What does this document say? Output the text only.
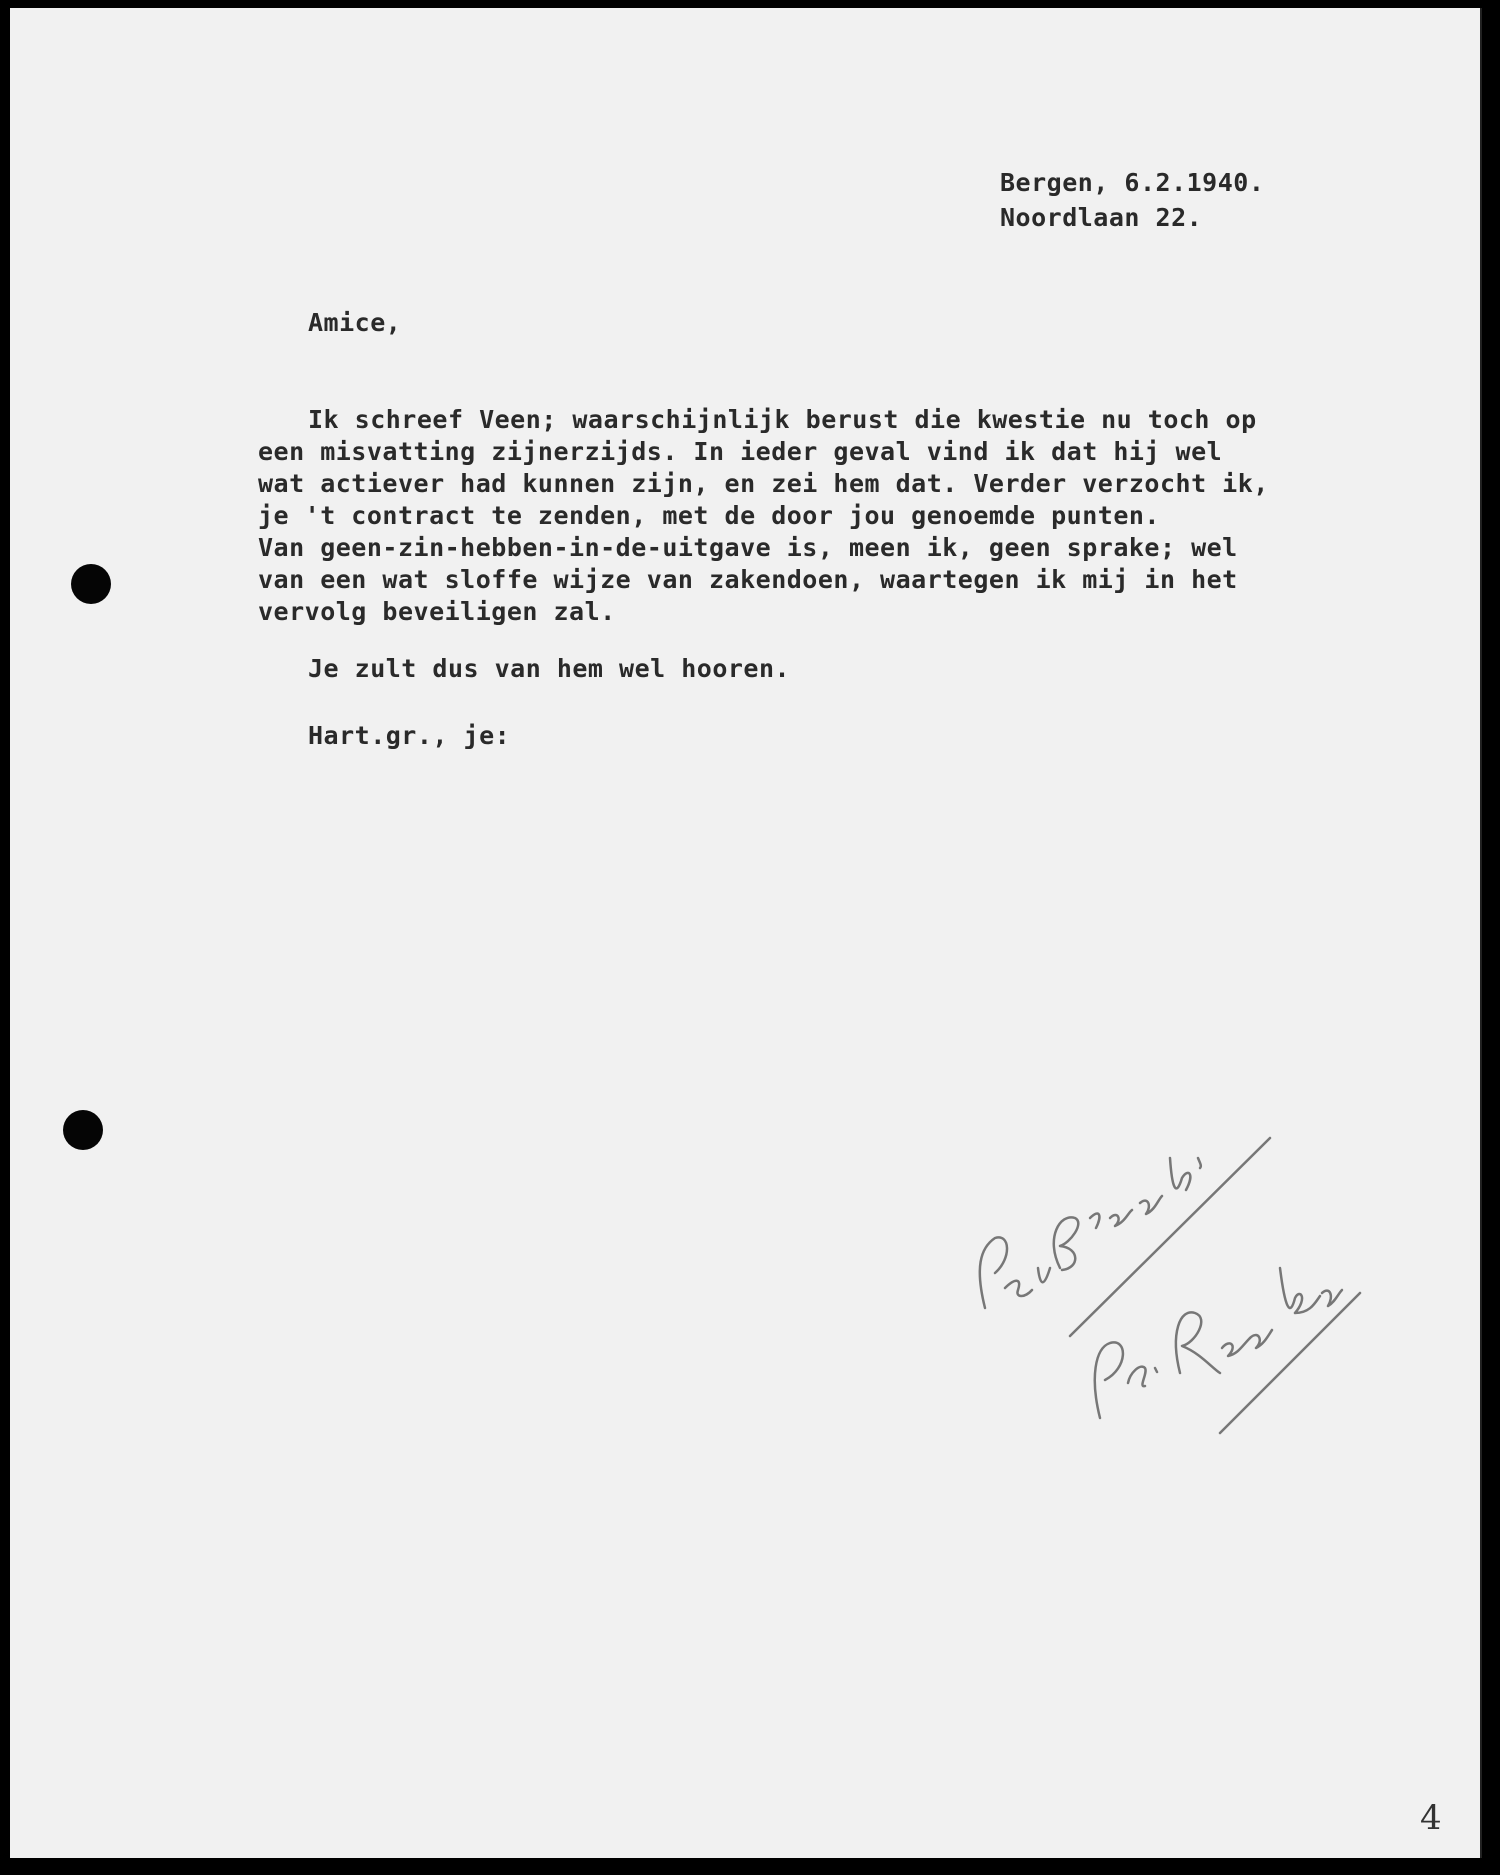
Bergen, 6.2.1940.
Noordlaan 22.
Amice,
Ik schreef Veen; waarschijnlijk berust die kwestie nu toch op
een misvatting zijnerzijds. In ieder geval vind ik dat hij wel
wat actiever had kunnen zijn, en zei hem dat. Verder verzocht ik,
je 't contract te zenden, met de door jou genoemde punten.
Van geen-zin-hebben-in-de-uitgave is, meen ik, geen sprake; wel
van een wat sloffe wijze van zakendoen, waartegen ik mij in het
vervolg beveiligen zal.
Je zult dus van hem wel hooren.
Hart.gr., je:
4
